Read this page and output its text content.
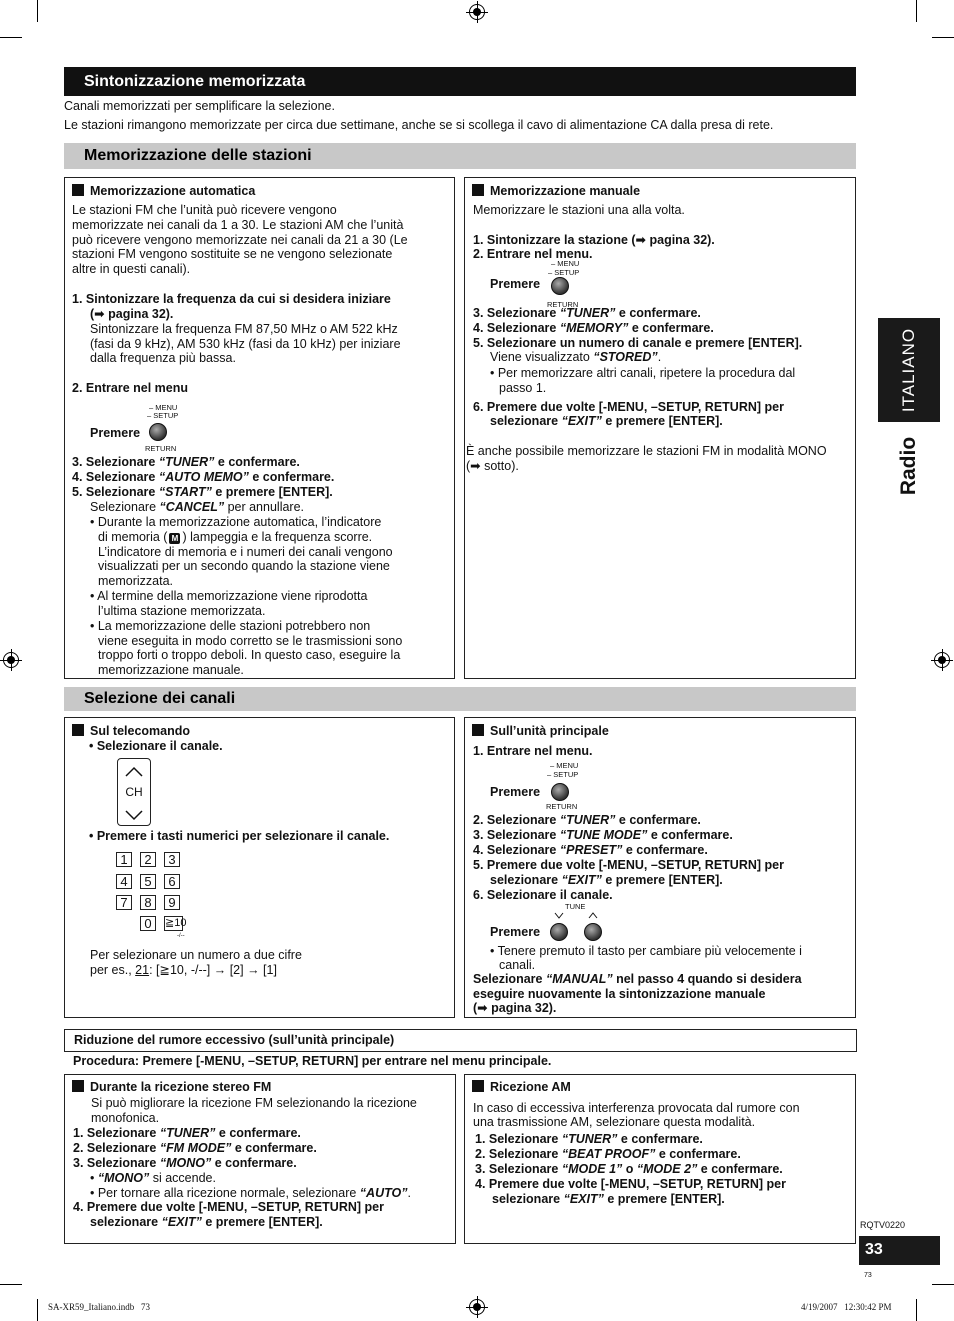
Sintonizzazione memorizzata
Canali memorizzati per semplificare la selezione.
Le stazioni rimangono memorizzate per circa due settimane, anche se si scollega il cavo di alimentazione CA dalla presa di rete.
Memorizzazione delle stazioni
Memorizzazione automatica
Le stazioni FM che l’unità può ricevere vengono
memorizzate nei canali da 1 a 30. Le stazioni AM che l’unità
può ricevere vengono memorizzate nei canali da 21 a 30 (Le
stazioni FM vengono sostituite se ne vengono selezionate
altre in questi canali).
1. Sintonizzare la frequenza da cui si desidera iniziare
(➡ pagina 32).
Sintonizzare la frequenza FM 87,50 MHz o AM 522 kHz
(fasi da 9 kHz), AM 530 kHz (fasi da 10 kHz) per iniziare
dalla frequenza più bassa.
2. Entrare nel menu
– MENU
– SETUP
Premere
RETURN
3. Selezionare “TUNER” e confermare.
4. Selezionare “AUTO MEMO” e confermare.
5. Selezionare “START” e premere [ENTER].
Selezionare “CANCEL” per annullare.
• Durante la memorizzazione automatica, l’indicatore
di memoria ( M ) lampeggia e la frequenza scorre.
L’indicatore di memoria e i numeri dei canali vengono
visualizzati per un secondo quando la stazione viene
memorizzata.
• Al termine della memorizzazione viene riprodotta
l’ultima stazione memorizzata.
• La memorizzazione delle stazioni potrebbero non
viene eseguita in modo corretto se le trasmissioni sono
troppo forti o troppo deboli. In questo caso, eseguire la
memorizzazione manuale.
Memorizzazione manuale
Memorizzare le stazioni una alla volta.
1. Sintonizzare la stazione (➡ pagina 32).
2. Entrare nel menu.
– MENU
– SETUP
Premere
RETURN
3. Selezionare “TUNER” e confermare.
4. Selezionare “MEMORY” e confermare.
5. Selezionare un numero di canale e premere [ENTER].
Viene visualizzato “STORED”.
• Per memorizzare altri canali, ripetere la procedura dal
passo 1.
6. Premere due volte [-MENU, –SETUP, RETURN] per
selezionare “EXIT” e premere [ENTER].
È anche possibile memorizzare le stazioni FM in modalità MONO
(➡ sotto).
Selezione dei canali
Sul telecomando
• Selezionare il canale.
CH
• Premere i tasti numerici per selezionare il canale.
1	2	3
4	5	6
7	8	9
0	≧10
-/--
Per selezionare un numero a due cifre
per es., 21: [≧10, -/--] → [2] → [1]
Sull’unità principale
1. Entrare nel menu.
– MENU
– SETUP
Premere
RETURN
2. Selezionare “TUNER” e confermare.
3. Selezionare “TUNE MODE” e confermare.
4. Selezionare “PRESET” e confermare.
5. Premere due volte [-MENU, –SETUP, RETURN] per
selezionare “EXIT” e premere [ENTER].
6. Selezionare il canale.
TUNE
Premere
• Tenere premuto il tasto per cambiare più velocemente i
canali.
Selezionare “MANUAL” nel passo 4 quando si desidera
eseguire nuovamente la sintonizzazione manuale
(➡ pagina 32).
Riduzione del rumore eccessivo (sull’unità principale)
Procedura: Premere [-MENU, –SETUP, RETURN] per entrare nel menu principale.
Durante la ricezione stereo FM
Si può migliorare la ricezione FM selezionando la ricezione
monofonica.
1. Selezionare “TUNER” e confermare.
2. Selezionare “FM MODE” e confermare.
3. Selezionare “MONO” e confermare.
• “MONO” si accende.
• Per tornare alla ricezione normale, selezionare “AUTO”.
4. Premere due volte [-MENU, –SETUP, RETURN] per
selezionare “EXIT” e premere [ENTER].
Ricezione AM
In caso di eccessiva interferenza provocata dal rumore con
una trasmissione AM, selezionare questa modalità.
1. Selezionare “TUNER” e confermare.
2. Selezionare “BEAT PROOF” e confermare.
3. Selezionare “MODE 1” o “MODE 2” e confermare.
4. Premere due volte [-MENU, –SETUP, RETURN] per
selezionare “EXIT” e premere [ENTER].
ITALIANO
Radio
RQTV0220
33
73
SA-XR59_Italiano.indb   73	4/19/2007   12:30:42 PM
